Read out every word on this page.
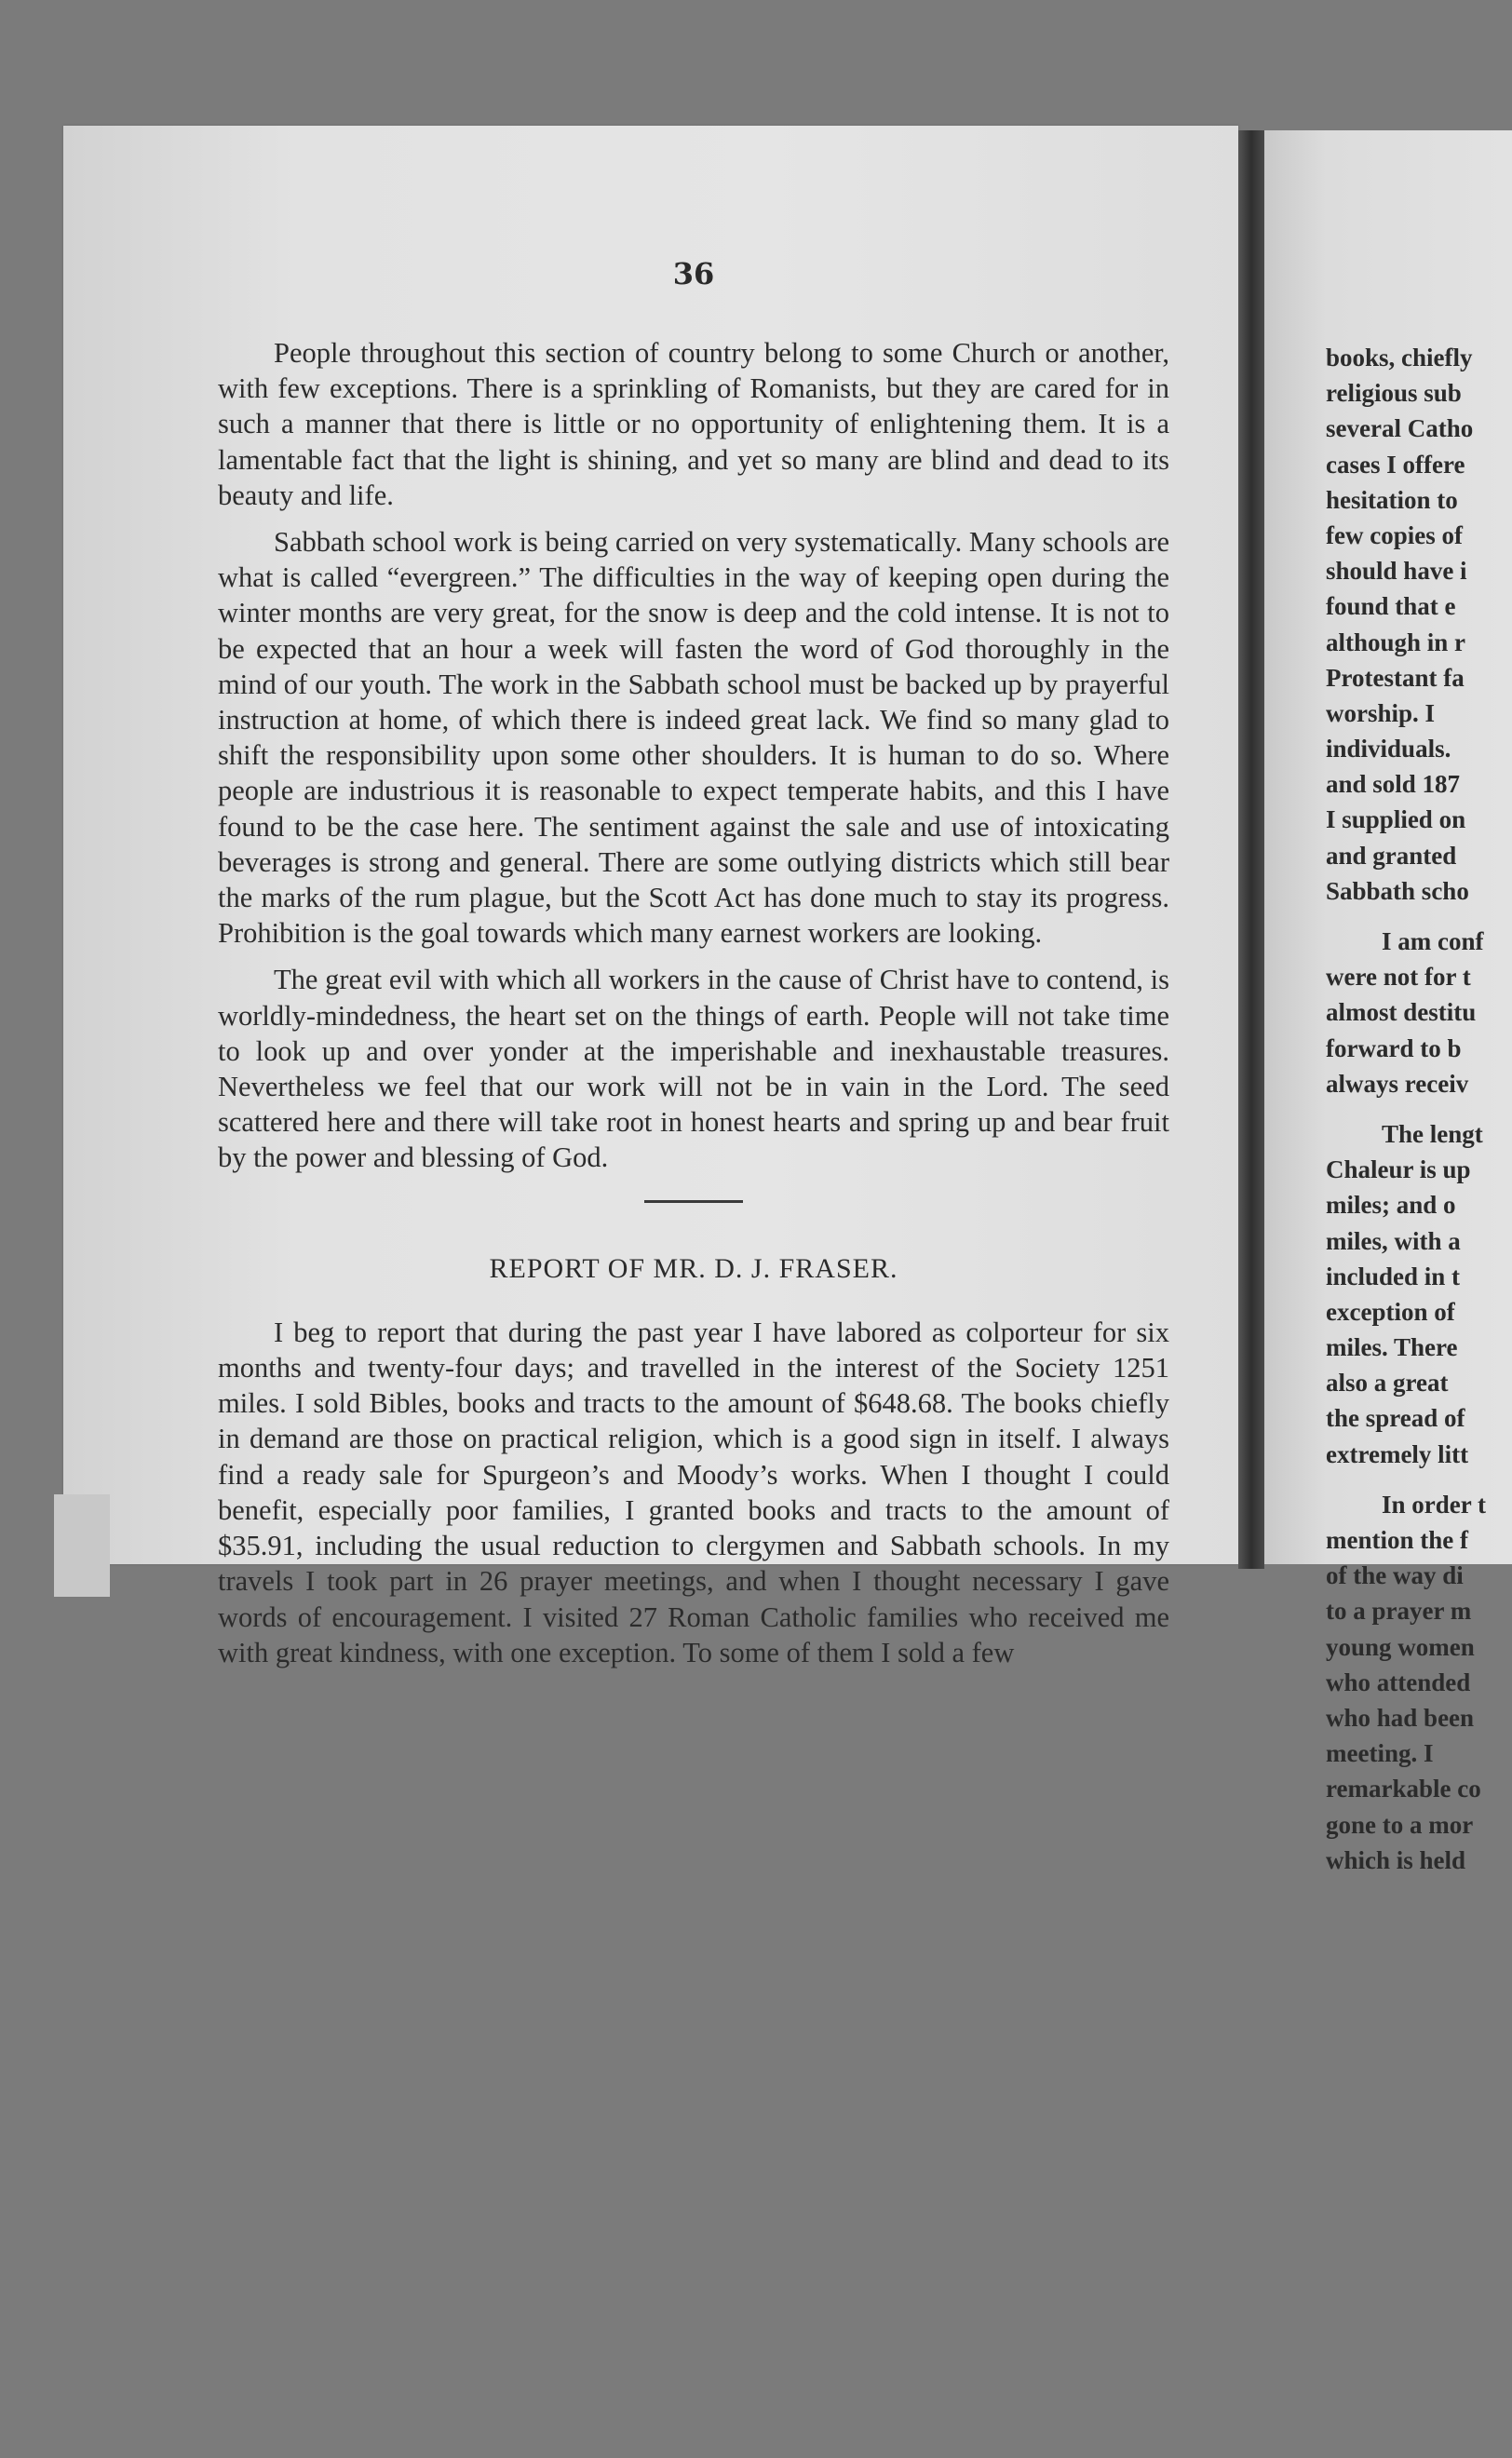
36

People throughout this section of country belong to some Church or another, with few exceptions. There is a sprinkling of Romanists, but they are cared for in such a manner that there is little or no opportunity of enlightening them. It is a lamentable fact that the light is shining, and yet so many are blind and dead to its beauty and life.

Sabbath school work is being carried on very systematically. Many schools are what is called “evergreen.” The difficulties in the way of keeping open during the winter months are very great, for the snow is deep and the cold intense. It is not to be expected that an hour a week will fasten the word of God thoroughly in the mind of our youth. The work in the Sabbath school must be backed up by prayerful instruction at home, of which there is indeed great lack. We find so many glad to shift the responsibility upon some other shoulders. It is human to do so. Where people are industrious it is reasonable to expect temperate habits, and this I have found to be the case here. The sentiment against the sale and use of intoxicating beverages is strong and general. There are some outlying districts which still bear the marks of the rum plague, but the Scott Act has done much to stay its progress. Prohibition is the goal towards which many earnest workers are looking.

The great evil with which all workers in the cause of Christ have to contend, is worldly-mindedness, the heart set on the things of earth. People will not take time to look up and over yonder at the imperishable and inexhaustable treasures. Nevertheless we feel that our work will not be in vain in the Lord. The seed scattered here and there will take root in honest hearts and spring up and bear fruit by the power and blessing of God.

REPORT OF MR. D. J. FRASER.

I beg to report that during the past year I have labored as colporteur for six months and twenty-four days; and travelled in the interest of the Society 1251 miles. I sold Bibles, books and tracts to the amount of $648.68. The books chiefly in demand are those on practical religion, which is a good sign in itself. I always find a ready sale for Spurgeon’s and Moody’s works. When I thought I could benefit, especially poor families, I granted books and tracts to the amount of $35.91, including the usual reduction to clergymen and Sabbath schools. In my travels I took part in 26 prayer meetings, and when I thought necessary I gave words of encouragement. I visited 27 Roman Catholic families who received me with great kindness, with one exception. To some of them I sold a few

books, chiefly
religious sub
several Catho
cases I offere
hesitation to
few copies of
should have i
found that e
although in r
Protestant fa
worship. I
individuals.
and sold 187
I supplied on
and granted
Sabbath scho
I am conf
were not for t
almost destitu
forward to b
always receiv
The lengt
Chaleur is up
miles; and o
miles, with a
included in t
exception of
miles. There
also a great
the spread of
extremely litt
In order t
mention the f
of the way di
to a prayer m
young women
who attended
who had been
meeting. I
remarkable co
gone to a mor
which is held
